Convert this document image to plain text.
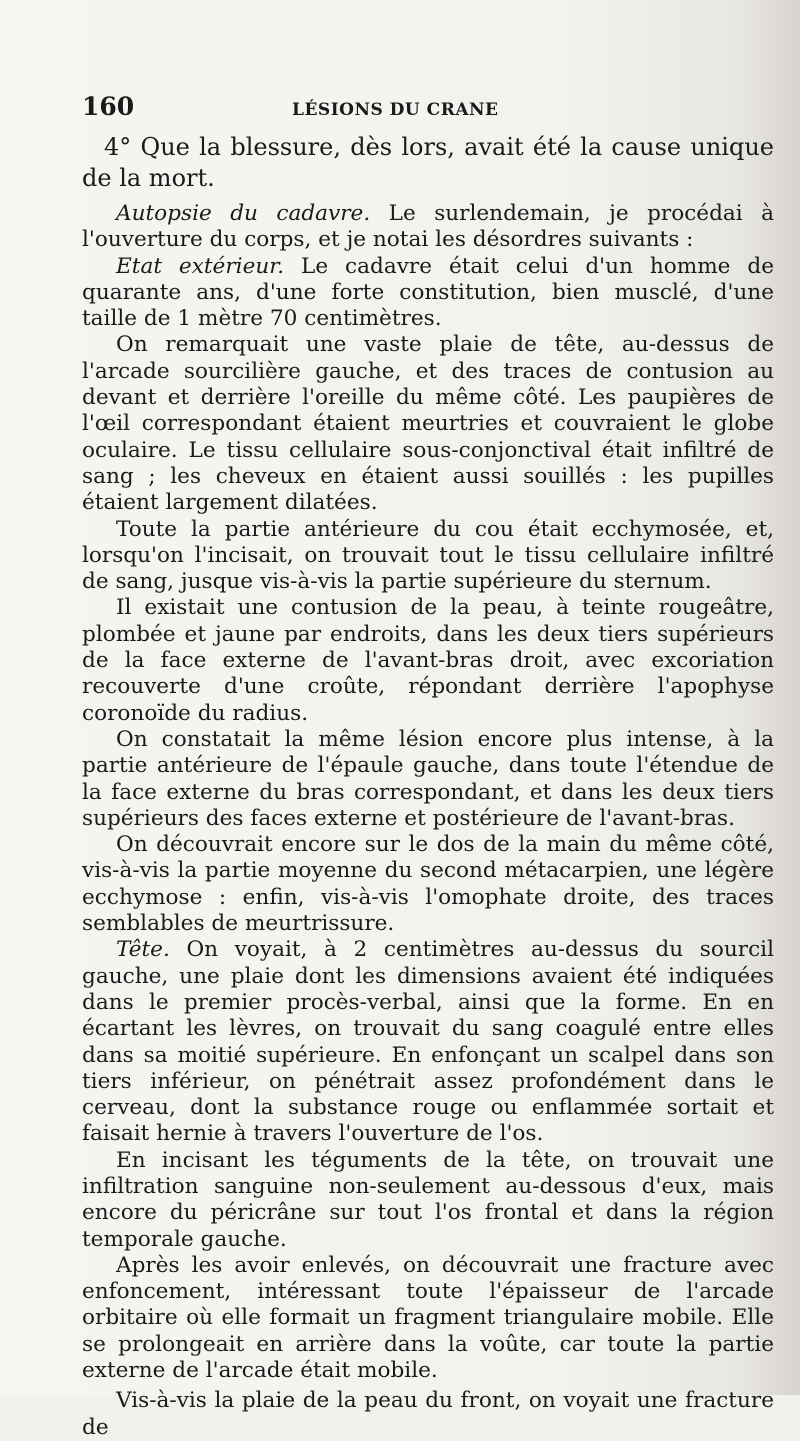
160	LÉSIONS DU CRANE

4° Que la blessure, dès lors, avait été la cause unique de la mort.

Autopsie du cadavre. Le surlendemain, je procédai à l'ouverture du corps, et je notai les désordres suivants :

Etat extérieur. Le cadavre était celui d'un homme de quarante ans, d'une forte constitution, bien musclé, d'une taille de 1 mètre 70 centimètres.

On remarquait une vaste plaie de tête, au-dessus de l'arcade sourcilière gauche, et des traces de contusion au devant et derrière l'oreille du même côté. Les paupières de l'œil correspondant étaient meurtries et couvraient le globe oculaire. Le tissu cellulaire sous-conjonctival était infiltré de sang ; les cheveux en étaient aussi souillés : les pupilles étaient largement dilatées.

Toute la partie antérieure du cou était ecchymosée, et, lorsqu'on l'incisait, on trouvait tout le tissu cellulaire infiltré de sang, jusque vis-à-vis la partie supérieure du sternum.

Il existait une contusion de la peau, à teinte rougeâtre, plombée et jaune par endroits, dans les deux tiers supérieurs de la face externe de l'avant-bras droit, avec excoriation recouverte d'une croûte, répondant derrière l'apophyse coronoïde du radius.

On constatait la même lésion encore plus intense, à la partie antérieure de l'épaule gauche, dans toute l'étendue de la face externe du bras correspondant, et dans les deux tiers supérieurs des faces externe et postérieure de l'avant-bras.

On découvrait encore sur le dos de la main du même côté, vis-à-vis la partie moyenne du second métacarpien, une légère ecchymose : enfin, vis-à-vis l'omophate droite, des traces semblables de meurtrissure.

Tête. On voyait, à 2 centimètres au-dessus du sourcil gauche, une plaie dont les dimensions avaient été indiquées dans le premier procès-verbal, ainsi que la forme. En en écartant les lèvres, on trouvait du sang coagulé entre elles dans sa moitié supérieure. En enfonçant un scalpel dans son tiers inférieur, on pénétrait assez profondément dans le cerveau, dont la substance rouge ou enflammée sortait et faisait hernie à travers l'ouverture de l'os.

En incisant les téguments de la tête, on trouvait une infiltration sanguine non-seulement au-dessous d'eux, mais encore du péricrâne sur tout l'os frontal et dans la région temporale gauche.

Après les avoir enlevés, on découvrait une fracture avec enfoncement, intéressant toute l'épaisseur de l'arcade orbitaire où elle formait un fragment triangulaire mobile. Elle se prolongeait en arrière dans la voûte, car toute la partie externe de l'arcade était mobile.

Vis-à-vis la plaie de la peau du front, on voyait une fracture de
